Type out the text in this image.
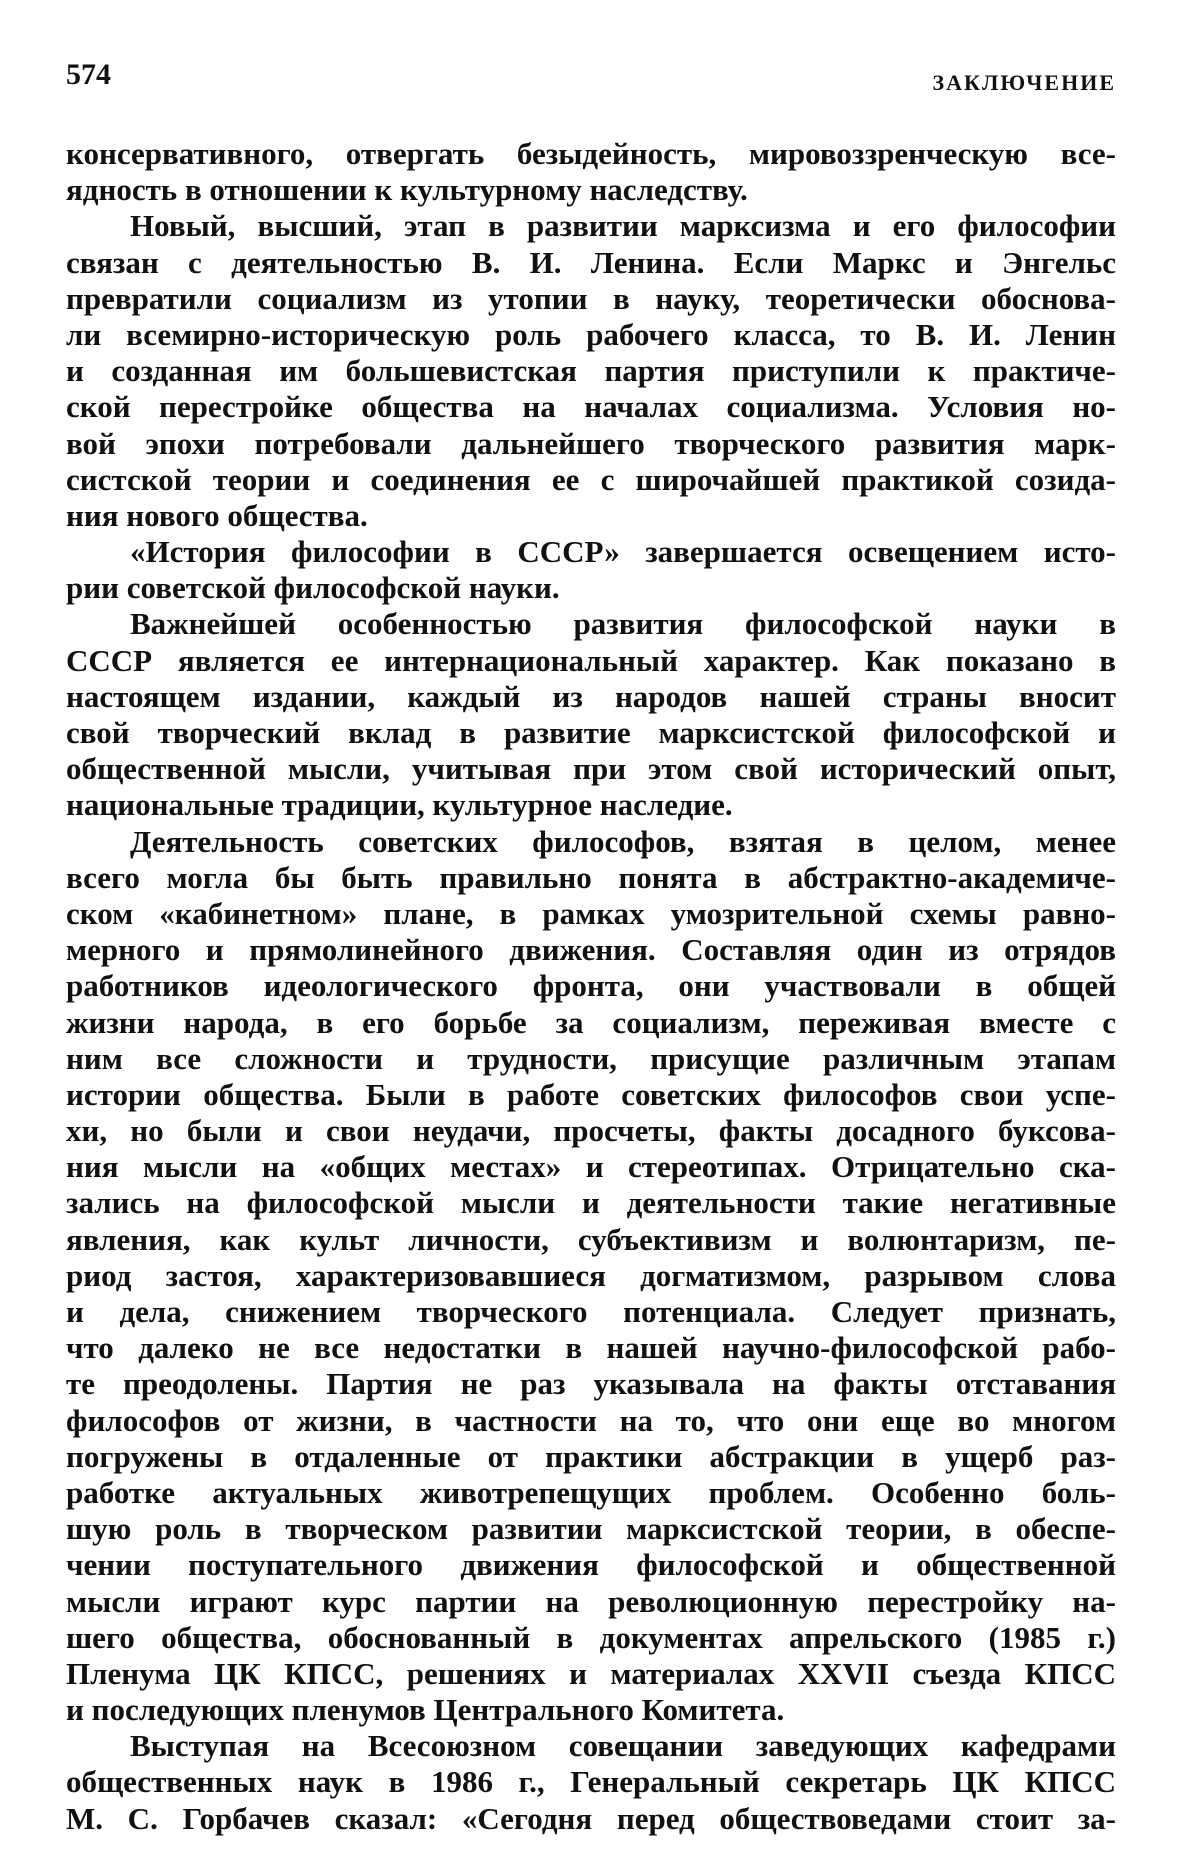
574	ЗАКЛЮЧЕНИЕ
консервативного, отвергать безыдейность, мировоззренческую все-
ядность в отношении к культурному наследству.
Новый, высший, этап в развитии марксизма и его философии
связан с деятельностью В. И. Ленина. Если Маркс и Энгельс
превратили социализм из утопии в науку, теоретически обоснова-
ли всемирно-историческую роль рабочего класса, то В. И. Ленин
и созданная им большевистская партия приступили к практиче-
ской перестройке общества на началах социализма. Условия но-
вой эпохи потребовали дальнейшего творческого развития марк-
систской теории и соединения ее с широчайшей практикой созида-
ния нового общества.
«История философии в СССР» завершается освещением исто-
рии советской философской науки.
Важнейшей особенностью развития философской науки в
СССР является ее интернациональный характер. Как показано в
настоящем издании, каждый из народов нашей страны вносит
свой творческий вклад в развитие марксистской философской и
общественной мысли, учитывая при этом свой исторический опыт,
национальные традиции, культурное наследие.
Деятельность советских философов, взятая в целом, менее
всего могла бы быть правильно понята в абстрактно-академиче-
ском «кабинетном» плане, в рамках умозрительной схемы равно-
мерного и прямолинейного движения. Составляя один из отрядов
работников идеологического фронта, они участвовали в общей
жизни народа, в его борьбе за социализм, переживая вместе с
ним все сложности и трудности, присущие различным этапам
истории общества. Были в работе советских философов свои успе-
хи, но были и свои неудачи, просчеты, факты досадного буксова-
ния мысли на «общих местах» и стереотипах. Отрицательно ска-
зались на философской мысли и деятельности такие негативные
явления, как культ личности, субъективизм и волюнтаризм, пе-
риод застоя, характеризовавшиеся догматизмом, разрывом слова
и дела, снижением творческого потенциала. Следует признать,
что далеко не все недостатки в нашей научно-философской рабо-
те преодолены. Партия не раз указывала на факты отставания
философов от жизни, в частности на то, что они еще во многом
погружены в отдаленные от практики абстракции в ущерб раз-
работке актуальных животрепещущих проблем. Особенно боль-
шую роль в творческом развитии марксистской теории, в обеспе-
чении поступательного движения философской и общественной
мысли играют курс партии на революционную перестройку на-
шего общества, обоснованный в документах апрельского (1985 г.)
Пленума ЦК КПСС, решениях и материалах XXVII съезда КПСС
и последующих пленумов Центрального Комитета.
Выступая на Всесоюзном совещании заведующих кафедрами
общественных наук в 1986 г., Генеральный секретарь ЦК КПСС
М. С. Горбачев сказал: «Сегодня перед обществоведами стоит за-
